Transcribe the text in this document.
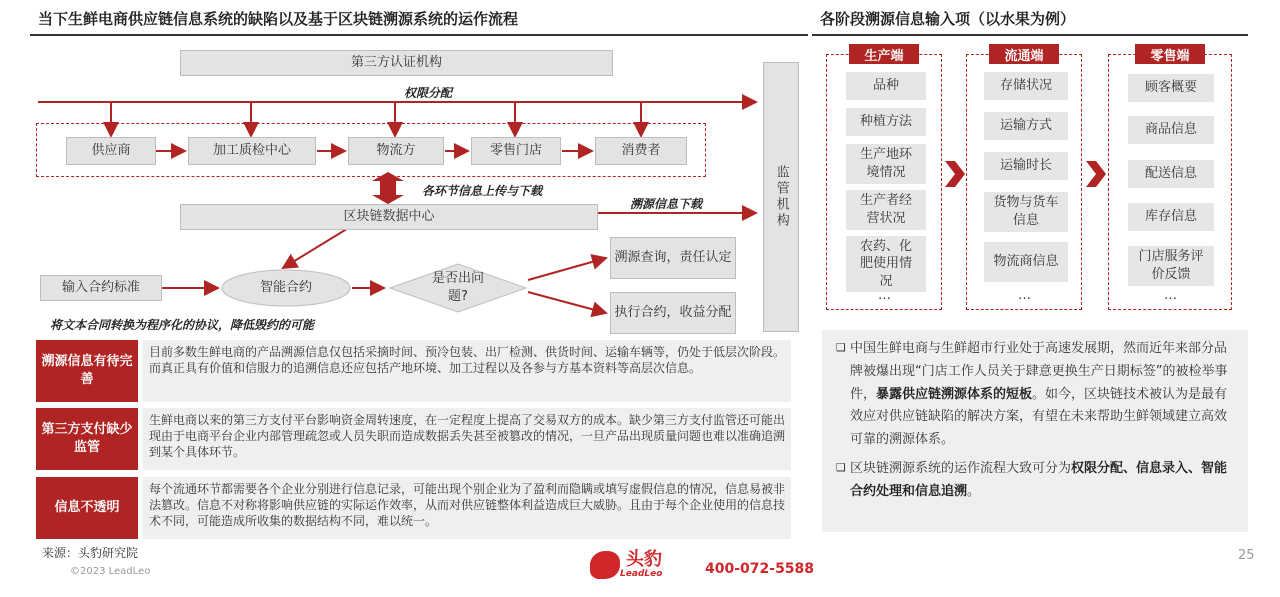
当下生鲜电商供应链信息系统的缺陷以及基于区块链溯源系统的运作流程	各阶段溯源信息输入项（以水果为例）
第三方认证机构
权限分配
供应商	加工质检中心	物流方	零售门店	消费者
各环节信息上传与下载
溯源信息下载
区块链数据中心	监管机构
输入合约标准	智能合约
是否出问题?
溯源查询，责任认定
执行合约，收益分配
将文本合同转换为程序化的协议，降低毁约的可能
溯源信息有待完善
目前多数生鲜电商的产品溯源信息仅包括采摘时间、预冷包装、出厂检测、供货时间、运输车辆等，仍处于低层次阶段。而真正具有价值和信服力的追溯信息还应包括产地环境、加工过程以及各参与方基本资料等高层次信息。
第三方支付缺少监管
生鲜电商以来的第三方支付平台影响资金周转速度，在一定程度上提高了交易双方的成本。缺少第三方支付监管还可能出现由于电商平台企业内部管理疏忽或人员失职而造成数据丢失甚至被篡改的情况，一旦产品出现质量问题也难以准确追溯到某个具体环节。
信息不透明
每个流通环节都需要各个企业分别进行信息记录，可能出现个别企业为了盈利而隐瞒或填写虚假信息的情况，信息易被非法篡改。信息不对称将影响供应链的实际运作效率，从而对供应链整体利益造成巨大威胁。且由于每个企业使用的信息技术不同，可能造成所收集的数据结构不同，难以统一。
生产端	流通端	零售端
品种
种植方法
生产地环境情况
生产者经营状况
农药、化肥使用情况
…
存储状况
运输方式
运输时长
货物与货车信息
物流商信息
…
顾客概要
商品信息
配送信息
库存信息
门店服务评价反馈
…
❑ 中国生鲜电商与生鲜超市行业处于高速发展期，然而近年来部分品牌被爆出现“门店工作人员关于肆意更换生产日期标签”的被检举事件，暴露供应链溯源体系的短板。如今，区块链技术被认为是最有效应对供应链缺陷的解决方案，有望在未来帮助生鲜领域建立高效可靠的溯源体系。
❑ 区块链溯源系统的运作流程大致可分为权限分配、信息录入、智能合约处理和信息追溯。
来源：头豹研究院
©2023 LeadLeo
头豹
LeadLeo	400-072-5588
25
